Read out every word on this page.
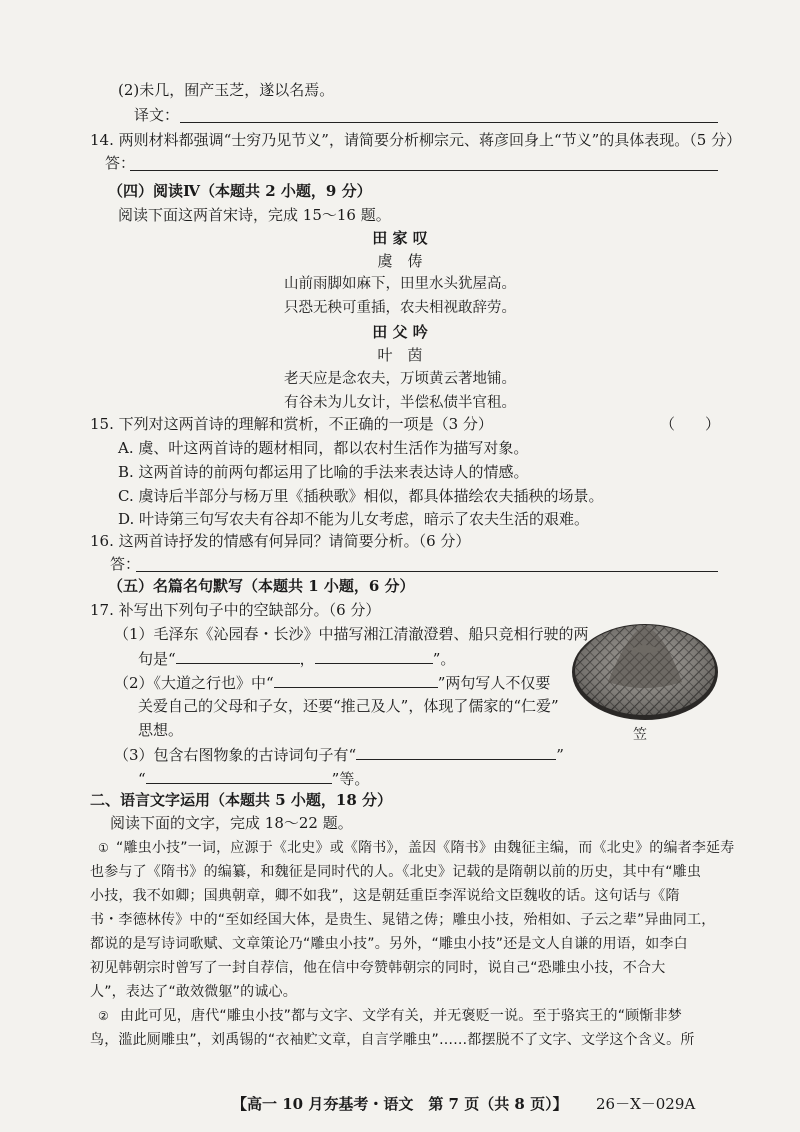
(2)未几，囿产玉芝，遂以名焉。
译文：
14. 两则材料都强调“士穷乃见节义”，请简要分析柳宗元、蒋彦回身上“节义”的具体表现。（5 分）
答：
（四）阅读Ⅳ（本题共 2 小题，9 分）
阅读下面这两首宋诗，完成 15～16 题。
田 家 叹
虞　俦
山前雨脚如麻下，田里水头犹屋高。
只恐无秧可重插，农夫相视敢辞劳。
田 父 吟
叶　茵
老天应是念农夫，万顷黄云著地铺。
有谷未为儿女计，半偿私债半官租。
15. 下列对这两首诗的理解和赏析，不正确的一项是（3 分）	（　　）
A. 虞、叶这两首诗的题材相同，都以农村生活作为描写对象。
B. 这两首诗的前两句都运用了比喻的手法来表达诗人的情感。
C. 虞诗后半部分与杨万里《插秧歌》相似，都具体描绘农夫插秧的场景。
D. 叶诗第三句写农夫有谷却不能为儿女考虑，暗示了农夫生活的艰难。
16. 这两首诗抒发的情感有何异同？请简要分析。（6 分）
答：
（五）名篇名句默写（本题共 1 小题，6 分）
17. 补写出下列句子中的空缺部分。（6 分）
（1）毛泽东《沁园春・长沙》中描写湘江清澈澄碧、船只竞相行驶的两
句是“	，	”。
（2）《大道之行也》中“	”两句写人不仅要
关爱自己的父母和子女，还要“推己及人”，体现了儒家的“仁爱”
思想。
（3）包含右图物象的古诗词句子有“	”
“	”等。
笠
二、语言文字运用（本题共 5 小题，18 分）
阅读下面的文字，完成 18～22 题。
① “雕虫小技”一词，应源于《北史》或《隋书》，盖因《隋书》由魏征主编，而《北史》的编者李延寿
也参与了《隋书》的编纂，和魏征是同时代的人。《北史》记载的是隋朝以前的历史，其中有“雕虫
小技，我不如卿；国典朝章，卿不如我”，这是朝廷重臣李浑说给文臣魏收的话。这句话与《隋
书・李德林传》中的“至如经国大体，是贵生、晁错之俦；雕虫小技，殆相如、子云之辈”异曲同工，
都说的是写诗词歌赋、文章策论乃“雕虫小技”。另外，“雕虫小技”还是文人自谦的用语，如李白
初见韩朝宗时曾写了一封自荐信，他在信中夸赞韩朝宗的同时，说自己“恐雕虫小技，不合大
人”，表达了“敢效微躯”的诚心。
② 由此可见，唐代“雕虫小技”都与文字、文学有关，并无褒贬一说。至于骆宾王的“顾惭非梦
鸟，滥此厕雕虫”，刘禹锡的“衣袖贮文章，自言学雕虫”……都摆脱不了文字、文学这个含义。所
【高一 10 月夯基考・语文　第 7 页（共 8 页）】 26－X－029A
